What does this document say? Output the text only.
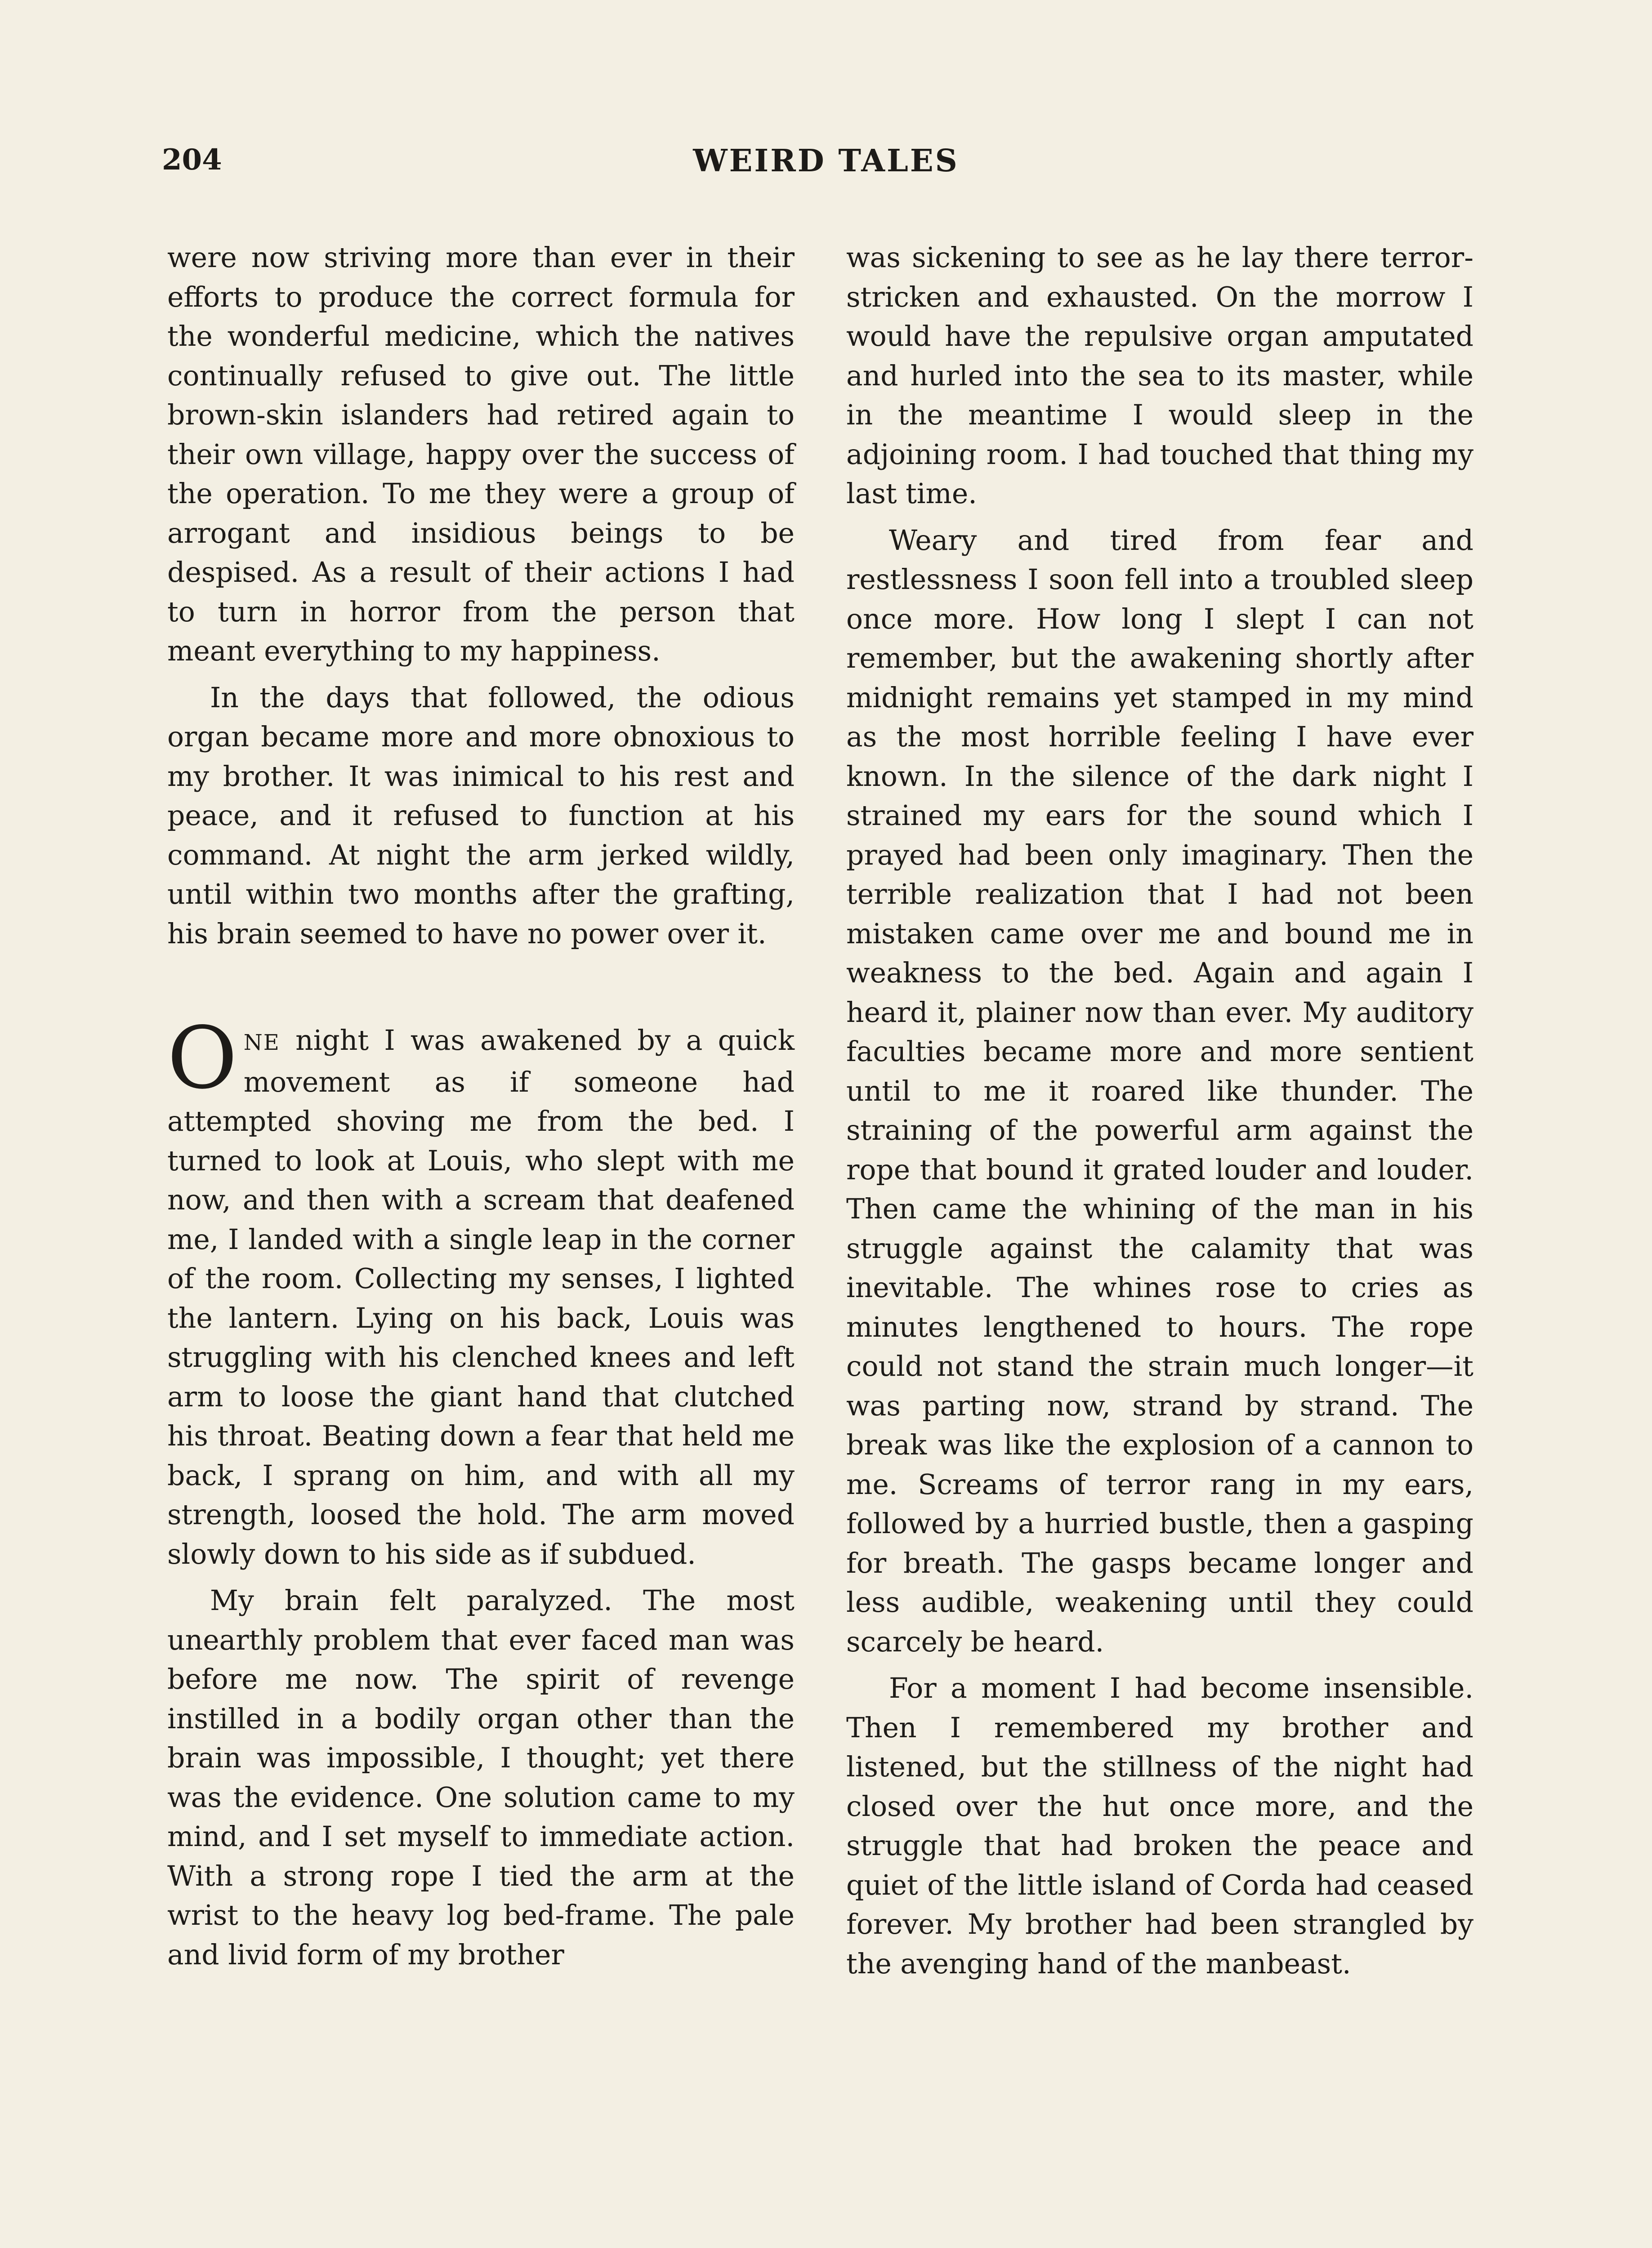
204	WEIRD TALES

were now striving more than ever in their efforts to produce the correct formula for the wonderful medicine, which the natives continually refused to give out. The little brown-skin islanders had retired again to their own village, happy over the success of the operation. To me they were a group of arrogant and insidious beings to be despised. As a result of their actions I had to turn in horror from the person that meant everything to my happiness.

In the days that followed, the odious organ became more and more obnoxious to my brother. It was inimical to his rest and peace, and it refused to function at his command. At night the arm jerked wildly, until within two months after the grafting, his brain seemed to have no power over it.

ONE night I was awakened by a quick movement as if someone had attempted shoving me from the bed. I turned to look at Louis, who slept with me now, and then with a scream that deafened me, I landed with a single leap in the corner of the room. Collecting my senses, I lighted the lantern. Lying on his back, Louis was struggling with his clenched knees and left arm to loose the giant hand that clutched his throat. Beating down a fear that held me back, I sprang on him, and with all my strength, loosed the hold. The arm moved slowly down to his side as if subdued.

My brain felt paralyzed. The most unearthly problem that ever faced man was before me now. The spirit of revenge instilled in a bodily organ other than the brain was impossible, I thought; yet there was the evidence. One solution came to my mind, and I set myself to immediate action. With a strong rope I tied the arm at the wrist to the heavy log bed-frame. The pale and livid form of my brother

was sickening to see as he lay there terror-stricken and exhausted. On the morrow I would have the repulsive organ amputated and hurled into the sea to its master, while in the meantime I would sleep in the adjoining room. I had touched that thing my last time.

Weary and tired from fear and restlessness I soon fell into a troubled sleep once more. How long I slept I can not remember, but the awakening shortly after midnight remains yet stamped in my mind as the most horrible feeling I have ever known. In the silence of the dark night I strained my ears for the sound which I prayed had been only imaginary. Then the terrible realization that I had not been mistaken came over me and bound me in weakness to the bed. Again and again I heard it, plainer now than ever. My auditory faculties became more and more sentient until to me it roared like thunder. The straining of the powerful arm against the rope that bound it grated louder and louder. Then came the whining of the man in his struggle against the calamity that was inevitable. The whines rose to cries as minutes lengthened to hours. The rope could not stand the strain much longer—it was parting now, strand by strand. The break was like the explosion of a cannon to me. Screams of terror rang in my ears, followed by a hurried bustle, then a gasping for breath. The gasps became longer and less audible, weakening until they could scarcely be heard.

For a moment I had become insensible. Then I remembered my brother and listened, but the stillness of the night had closed over the hut once more, and the struggle that had broken the peace and quiet of the little island of Corda had ceased forever. My brother had been strangled by the avenging hand of the manbeast.
